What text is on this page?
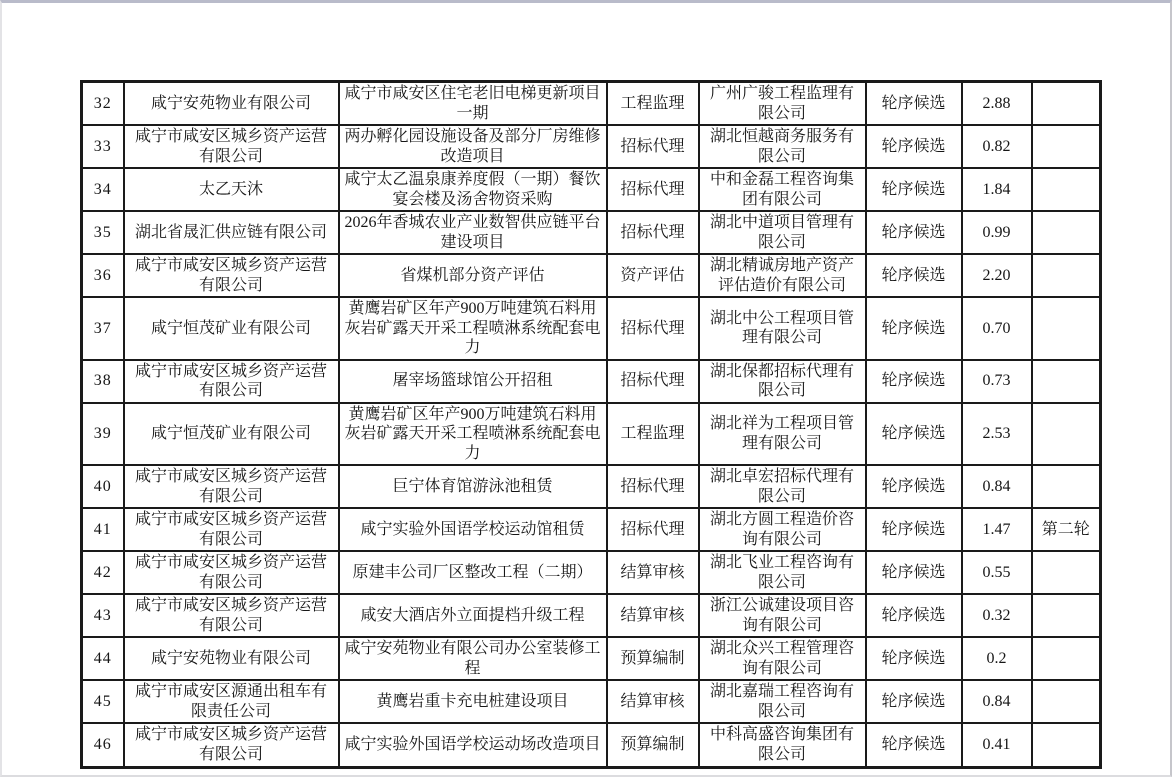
32	咸宁安苑物业有限公司	咸宁市咸安区住宅老旧电梯更新项目一期	工程监理	广州广骏工程监理有限公司	轮序候选	2.88	
33	咸宁市咸安区城乡资产运营有限公司	两办孵化园设施设备及部分厂房维修改造项目	招标代理	湖北恒越商务服务有限公司	轮序候选	0.82	
34	太乙天沐	咸宁太乙温泉康养度假（一期）餐饮宴会楼及汤舍物资采购	招标代理	中和金磊工程咨询集团有限公司	轮序候选	1.84	
35	湖北省晟汇供应链有限公司	2026年香城农业产业数智供应链平台建设项目	招标代理	湖北中道项目管理有限公司	轮序候选	0.99	
36	咸宁市咸安区城乡资产运营有限公司	省煤机部分资产评估	资产评估	湖北精诚房地产资产评估造价有限公司	轮序候选	2.20	
37	咸宁恒茂矿业有限公司	黄鹰岩矿区年产900万吨建筑石料用灰岩矿露天开采工程喷淋系统配套电力	招标代理	湖北中公工程项目管理有限公司	轮序候选	0.70	
38	咸宁市咸安区城乡资产运营有限公司	屠宰场篮球馆公开招租	招标代理	湖北保都招标代理有限公司	轮序候选	0.73	
39	咸宁恒茂矿业有限公司	黄鹰岩矿区年产900万吨建筑石料用灰岩矿露天开采工程喷淋系统配套电力	工程监理	湖北祥为工程项目管理有限公司	轮序候选	2.53	
40	咸宁市咸安区城乡资产运营有限公司	巨宁体育馆游泳池租赁	招标代理	湖北卓宏招标代理有限公司	轮序候选	0.84	
41	咸宁市咸安区城乡资产运营有限公司	咸宁实验外国语学校运动馆租赁	招标代理	湖北方圆工程造价咨询有限公司	轮序候选	1.47	第二轮
42	咸宁市咸安区城乡资产运营有限公司	原建丰公司厂区整改工程（二期）	结算审核	湖北飞业工程咨询有限公司	轮序候选	0.55	
43	咸宁市咸安区城乡资产运营有限公司	咸安大酒店外立面提档升级工程	结算审核	浙江公诚建设项目咨询有限公司	轮序候选	0.32	
44	咸宁安苑物业有限公司	咸宁安苑物业有限公司办公室装修工程	预算编制	湖北众兴工程管理咨询有限公司	轮序候选	0.2	
45	咸宁市咸安区源通出租车有限责任公司	黄鹰岩重卡充电桩建设项目	结算审核	湖北嘉瑞工程咨询有限公司	轮序候选	0.84	
46	咸宁市咸安区城乡资产运营有限公司	咸宁实验外国语学校运动场改造项目	预算编制	中科高盛咨询集团有限公司	轮序候选	0.41	
